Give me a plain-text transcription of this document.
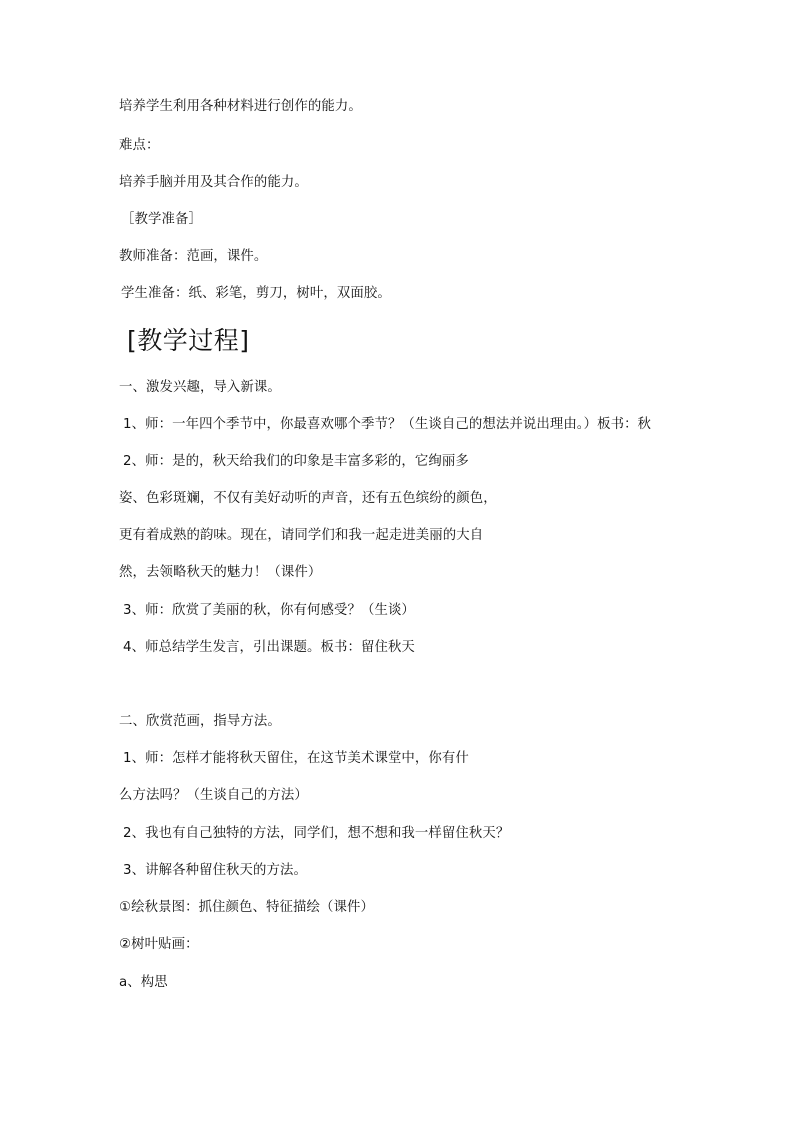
培养学生利用各种材料进行创作的能力。
难点：
培养手脑并用及其合作的能力。
［教学准备］
教师准备：范画，课件。
学生准备：纸、彩笔，剪刀，树叶，双面胶。
[教学过程]
一、激发兴趣，导入新课。
1、师：一年四个季节中，你最喜欢哪个季节？（生谈自己的想法并说出理由。）板书：秋
2、师：是的，秋天给我们的印象是丰富多彩的，它绚丽多
姿、色彩斑斓，不仅有美好动听的声音，还有五色缤纷的颜色，
更有着成熟的韵味。现在，请同学们和我一起走进美丽的大自
然，去领略秋天的魅力！（课件）
3、师：欣赏了美丽的秋，你有何感受？（生谈）
4、师总结学生发言，引出课题。板书：留住秋天
二、欣赏范画，指导方法。
1、师：怎样才能将秋天留住，在这节美术课堂中，你有什
么方法吗？（生谈自己的方法）
2、我也有自己独特的方法，同学们，想不想和我一样留住秋天？
3、讲解各种留住秋天的方法。
①绘秋景图：抓住颜色、特征描绘（课件）
②树叶贴画：
a、构思
